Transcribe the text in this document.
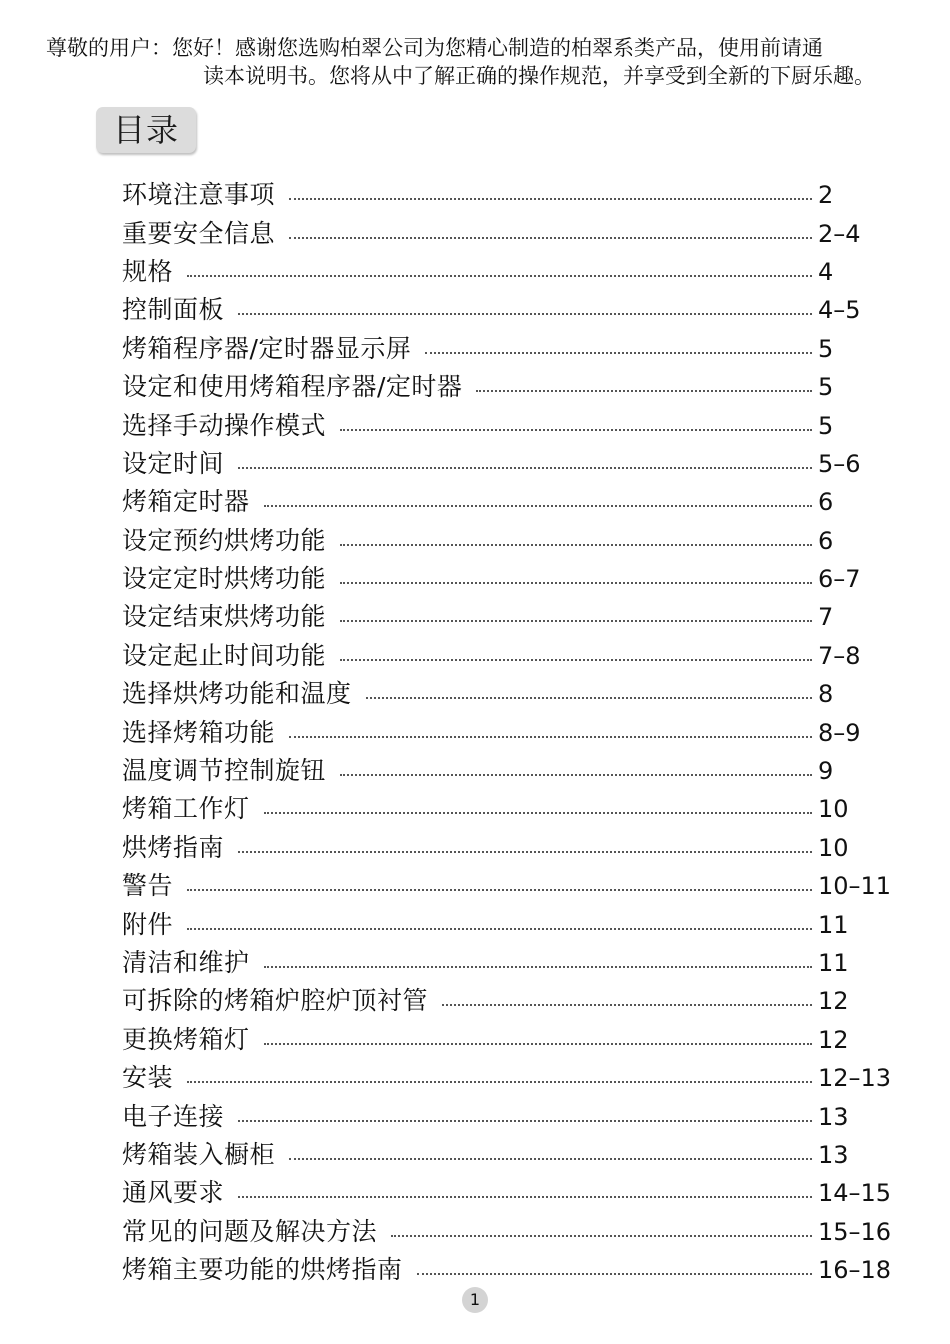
尊敬的用户：您好！感谢您选购柏翠公司为您精心制造的柏翠系类产品，使用前请通
读本说明书。您将从中了解正确的操作规范，并享受到全新的下厨乐趣。
目录
环境注意事项	2
重要安全信息	2–4
规格	4
控制面板	4–5
烤箱程序器/定时器显示屏	5
设定和使用烤箱程序器/定时器	5
选择手动操作模式	5
设定时间	5–6
烤箱定时器	6
设定预约烘烤功能	6
设定定时烘烤功能	6–7
设定结束烘烤功能	7
设定起止时间功能	7–8
选择烘烤功能和温度	8
选择烤箱功能	8–9
温度调节控制旋钮	9
烤箱工作灯	10
烘烤指南	10
警告	10–11
附件	11
清洁和维护	11
可拆除的烤箱炉腔炉顶衬管	12
更换烤箱灯	12
安装	12–13
电子连接	13
烤箱装入橱柜	13
通风要求	14–15
常见的问题及解决方法	15–16
烤箱主要功能的烘烤指南	16–18
1
